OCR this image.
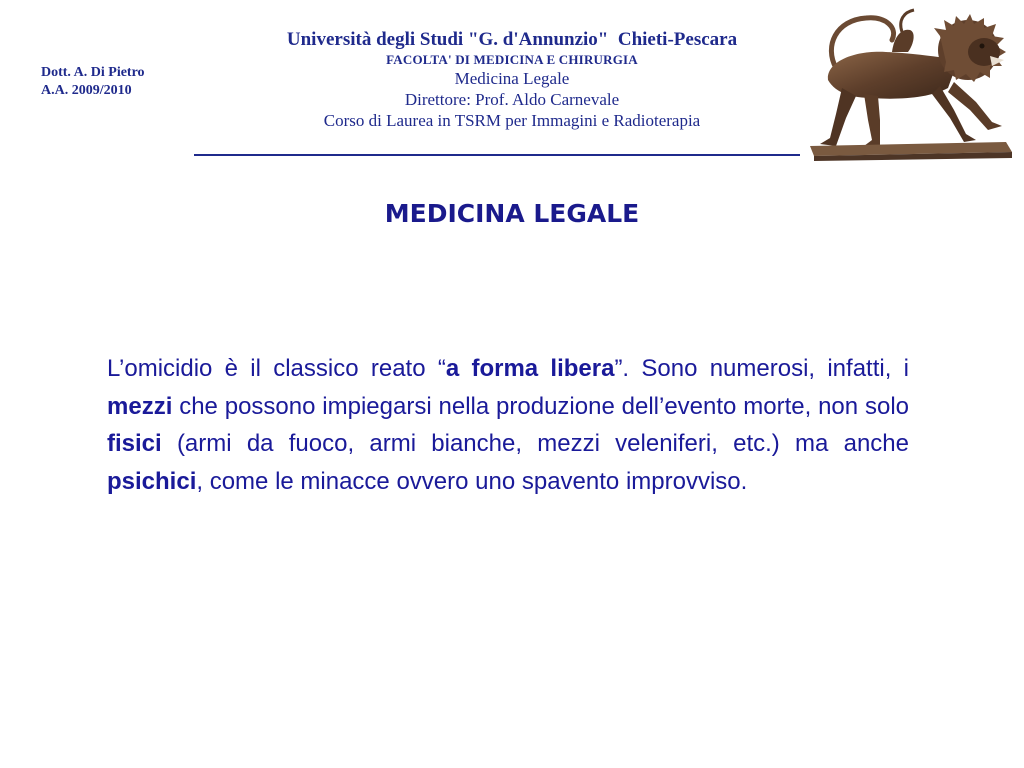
Dott. A. Di Pietro
A.A. 2009/2010
Università degli Studi "G. d'Annunzio"  Chieti-Pescara
FACOLTA' DI MEDICINA E CHIRURGIA
Medicina Legale
Direttore: Prof. Aldo Carnevale
Corso di Laurea in TSRM per Immagini e Radioterapia
MEDICINA LEGALE
L’omicidio è il classico reato “a forma libera”. Sono numerosi, infatti, i mezzi che possono impiegarsi nella produzione dell’evento morte, non solo fisici (armi da fuoco, armi bianche, mezzi veleniferi, etc.) ma anche psichici, come le minacce ovvero uno spavento improvviso.
